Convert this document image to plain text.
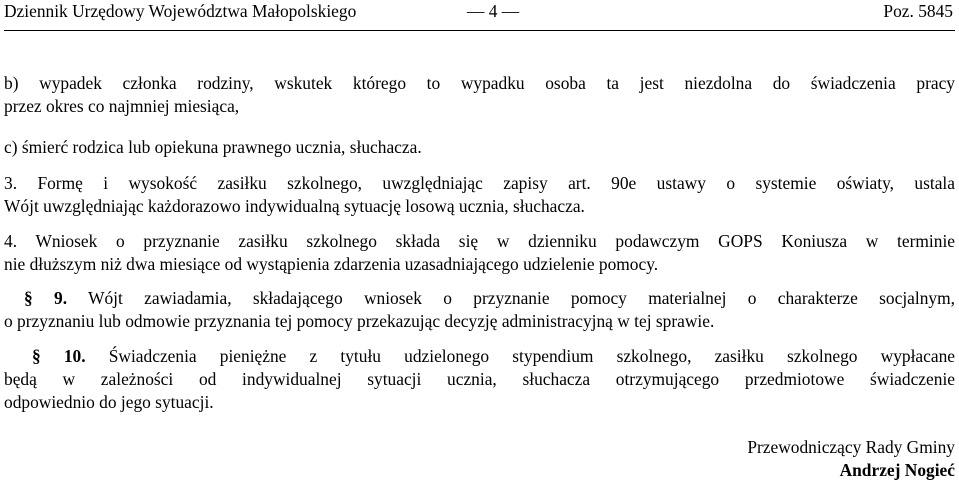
Dziennik Urzędowy Województwa Małopolskiego	— 4 —	Poz. 5845
b) wypadek członka rodziny, wskutek którego to wypadku osoba ta jest niezdolna do świadczenia pracy
przez okres co najmniej miesiąca,
c) śmierć rodzica lub opiekuna prawnego ucznia, słuchacza.
3. Formę i wysokość zasiłku szkolnego, uwzględniając zapisy art. 90e ustawy o systemie oświaty, ustala
Wójt uwzględniając każdorazowo indywidualną sytuację losową ucznia, słuchacza.
4. Wniosek o przyznanie zasiłku szkolnego składa się w dzienniku podawczym GOPS Koniusza w terminie
nie dłuższym niż dwa miesiące od wystąpienia zdarzenia uzasadniającego udzielenie pomocy.
§ 9. Wójt zawiadamia, składającego wniosek o przyznanie pomocy materialnej o charakterze socjalnym,
o przyznaniu lub odmowie przyznania tej pomocy przekazując decyzję administracyjną w tej sprawie.
§ 10. Świadczenia pieniężne z tytułu udzielonego stypendium szkolnego, zasiłku szkolnego wypłacane
będą w zależności od indywidualnej sytuacji ucznia, słuchacza otrzymującego przedmiotowe świadczenie
odpowiednio do jego sytuacji.
Przewodniczący Rady Gminy
Andrzej Nogieć
